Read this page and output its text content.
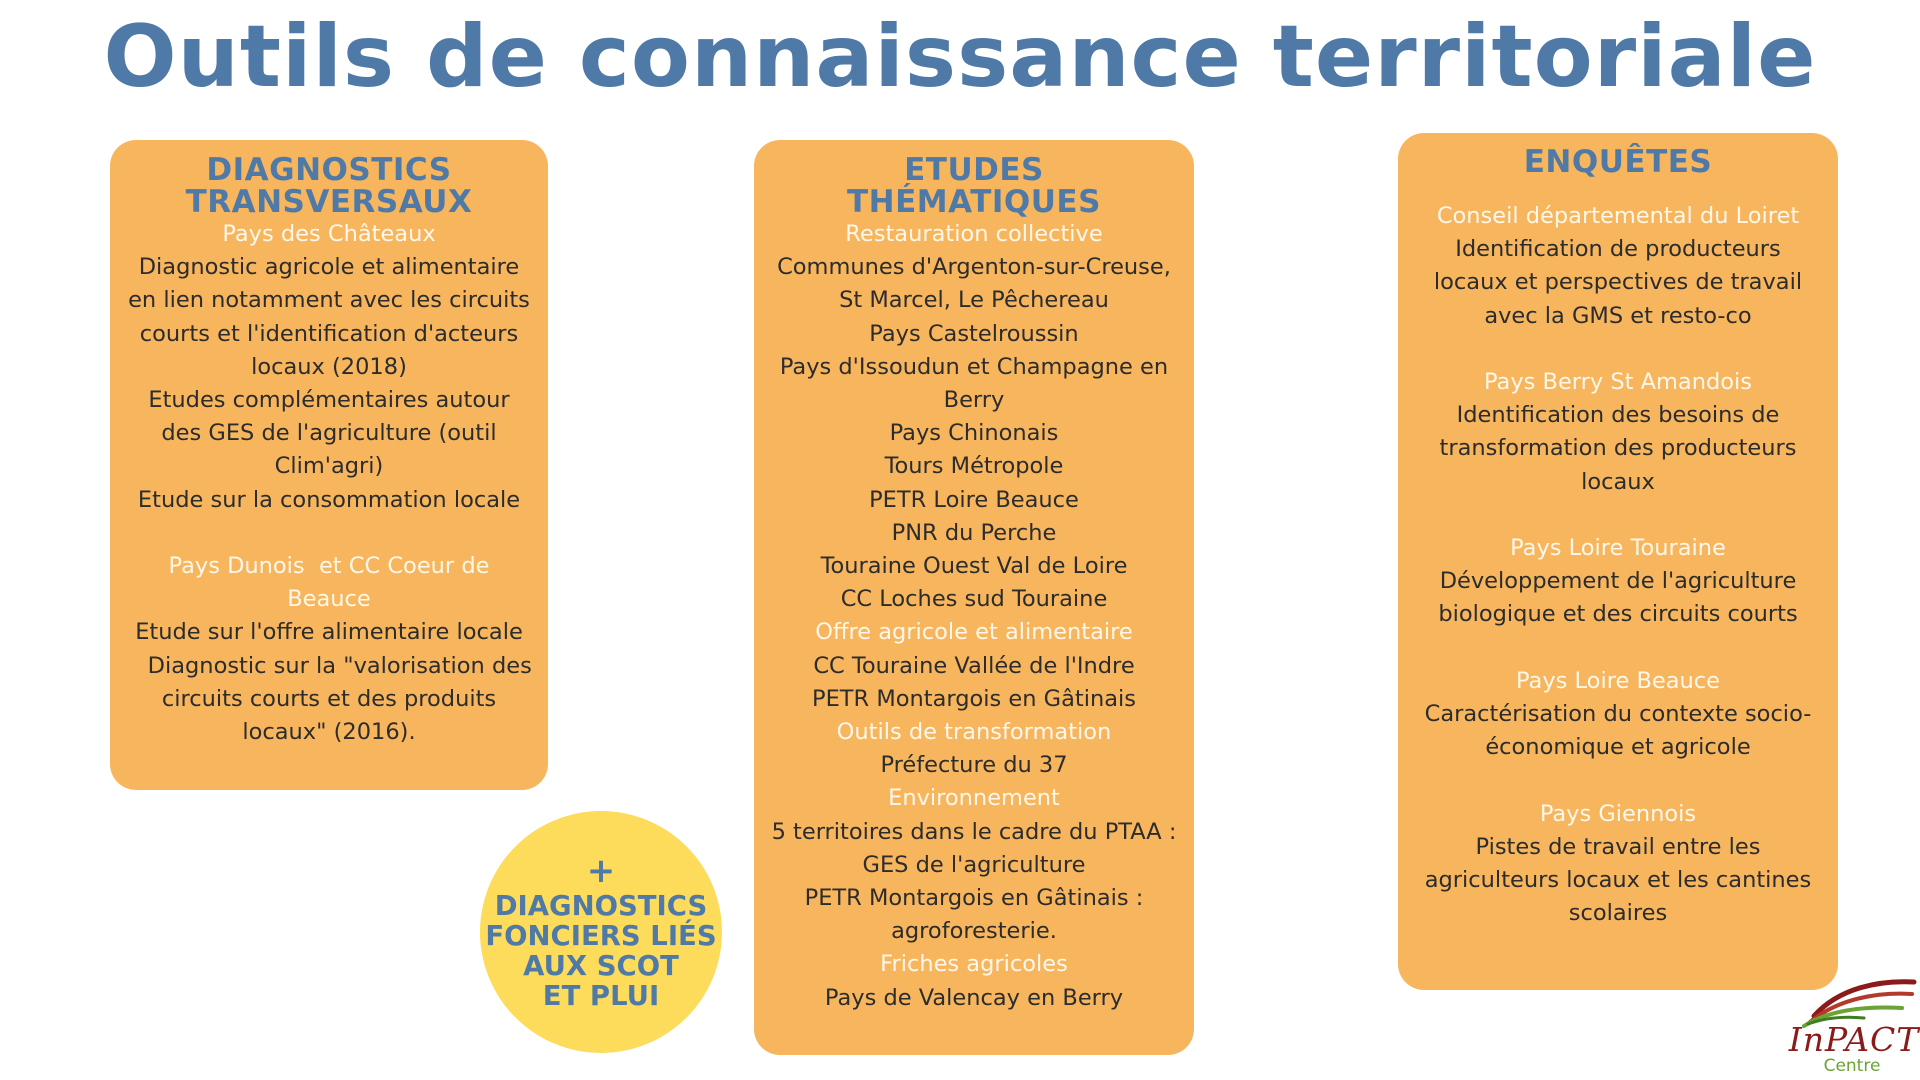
Outils de connaissance territoriale
DIAGNOSTICS
TRANSVERSAUX
Pays des Châteaux
Diagnostic agricole et alimentaire
en lien notamment avec les circuits
courts et l'identification d'acteurs
locaux (2018)
Etudes complémentaires autour
des GES de l'agriculture (outil
Clim'agri)
Etude sur la consommation locale
Pays Dunois  et CC Coeur de
Beauce
Etude sur l'offre alimentaire locale
Diagnostic sur la "valorisation des
circuits courts et des produits
locaux" (2016).
ETUDES
THÉMATIQUES
Restauration collective
Communes d'Argenton-sur-Creuse,
St Marcel, Le Pêchereau
Pays Castelroussin
Pays d'Issoudun et Champagne en
Berry
Pays Chinonais
Tours Métropole
PETR Loire Beauce
PNR du Perche
Touraine Ouest Val de Loire
CC Loches sud Touraine
Offre agricole et alimentaire
CC Touraine Vallée de l'Indre
PETR Montargois en Gâtinais
Outils de transformation
Préfecture du 37
Environnement
5 territoires dans le cadre du PTAA :
GES de l'agriculture
PETR Montargois en Gâtinais :
agroforesterie.
Friches agricoles
Pays de Valencay en Berry
ENQUÊTES
Conseil départemental du Loiret
Identification de producteurs
locaux et perspectives de travail
avec la GMS et resto-co
Pays Berry St Amandois
Identification des besoins de
transformation des producteurs
locaux
Pays Loire Touraine
Développement de l'agriculture
biologique et des circuits courts
Pays Loire Beauce
Caractérisation du contexte socio-
économique et agricole
Pays Giennois
Pistes de travail entre les
agriculteurs locaux et les cantines
scolaires
+
DIAGNOSTICS
FONCIERS LIÉS
AUX SCOT
ET PLUI
InPACT
Centre
